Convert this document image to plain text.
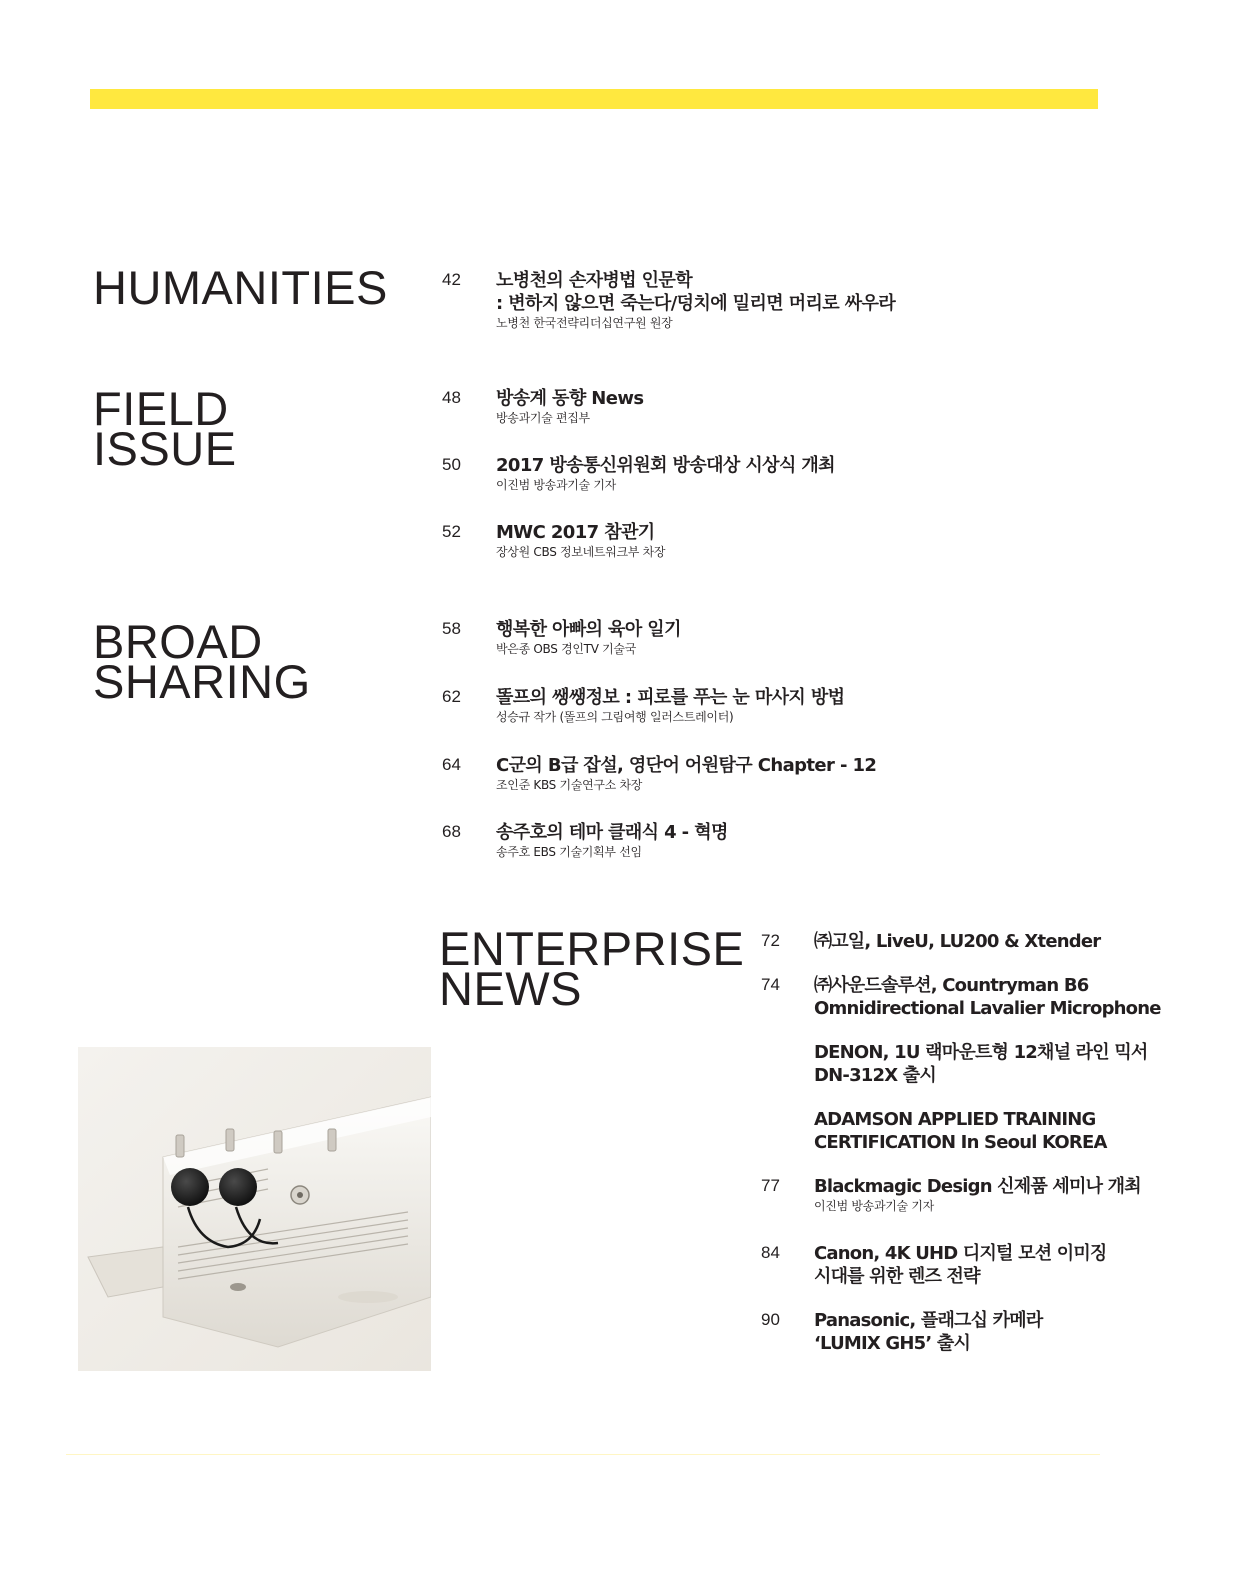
HUMANITIES	42 노병천의 손자병법 인문학
: 변하지 않으면 죽는다/덩치에 밀리면 머리로 싸우라
노병천 한국전략리더십연구원 원장
FIELD
ISSUE
48 방송계 동향 News
방송과기술 편집부
50 2017 방송통신위원회 방송대상 시상식 개최
이진범 방송과기술 기자
52 MWC 2017 참관기
장상원 CBS 정보네트워크부 차장
BROAD
SHARING
58 행복한 아빠의 육아 일기
박은종 OBS 경인TV 기술국
62 똘프의 쌩쌩정보 : 피로를 푸는 눈 마사지 방법
성승규 작가 (똘프의 그림여행 일러스트레이터)
64 C군의 B급 잡설, 영단어 어원탐구 Chapter - 12
조인준 KBS 기술연구소 차장
68 송주호의 테마 클래식 4 - 혁명
송주호 EBS 기술기획부 선임
ENTERPRISE
NEWS
72 ㈜고일, LiveU, LU200 & Xtender
74 ㈜사운드솔루션, Countryman B6
Omnidirectional Lavalier Microphone
DENON, 1U 랙마운트형 12채널 라인 믹서
DN-312X 출시
ADAMSON APPLIED TRAINING
CERTIFICATION In Seoul KOREA
77 Blackmagic Design 신제품 세미나 개최
이진범 방송과기술 기자
84 Canon, 4K UHD 디지털 모션 이미징
시대를 위한 렌즈 전략
90 Panasonic, 플래그십 카메라
‘LUMIX GH5’ 출시
